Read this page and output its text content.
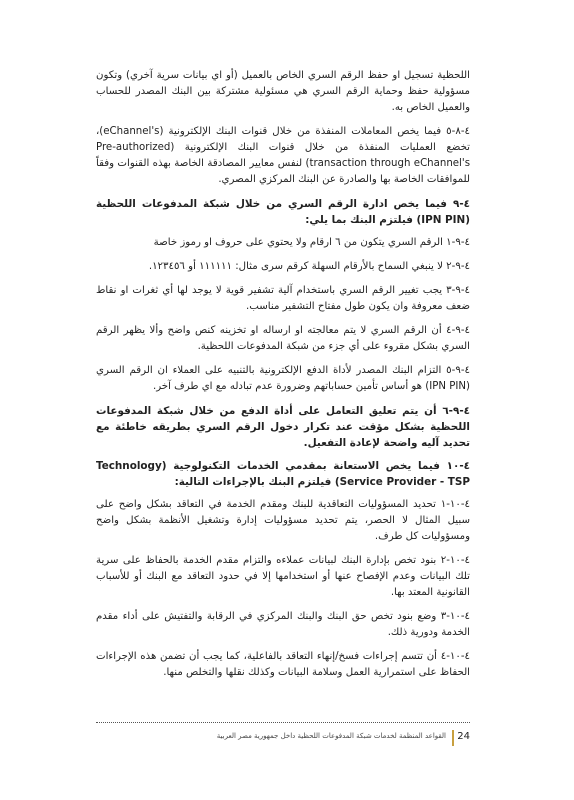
اللحظية تسجيل او حفظ الرقم السري الخاص بالعميل (أو اي بيانات سرية آخري) وتكون مسؤولية حفظ وحماية الرقم السري هي مسئولية مشتركة بين البنك المصدر للحساب والعميل الخاص به.

٤-٨-٥ فيما يخص المعاملات المنفذة من خلال قنوات البنك الإلكترونية (eChannel's)، تخضع العمليات المنفذة من خلال قنوات البنك الإلكترونية (Pre-authorized transaction through eChannel's) لنفس معايير المصادقة الخاصة بهذه القنوات وفقاً للموافقات الخاصة بها والصادرة عن البنك المركزي المصري.

٤-٩ فيما يخص ادارة الرقم السري من خلال شبكة المدفوعات اللحظية (IPN PIN) فيلتزم البنك بما يلي:

٤-٩-١ الرقم السري يتكون من ٦ ارقام ولا يحتوي على حروف او رموز خاصة

٤-٩-٢ لا ينبغي السماح بالأرقام السهلة كرقم سرى مثال: ١١١١١١ أو ١٢٣٤٥٦.

٤-٩-٣ يجب تغيير الرقم السري باستخدام آلية تشفير قوية لا يوجد لها أي ثغرات او نقاط ضعف معروفة وان يكون طول مفتاح التشفير مناسب.

٤-٩-٤ أن الرقم السري لا يتم معالجته او ارساله او تخزينه كنص واضح وألا يظهر الرقم السري بشكل مقروء على أي جزء من شبكة المدفوعات اللحظية.

٤-٩-٥ التزام البنك المصدر لأداة الدفع الإلكترونية بالتنبيه على العملاء ان الرقم السري (IPN PIN) هو أساس تأمين حساباتهم وضرورة عدم تبادله مع اي طرف آخر.

٤-٩-٦ أن يتم تعليق التعامل على أداة الدفع من خلال شبكة المدفوعات اللحظية بشكل مؤقت عند تكرار دخول الرقم السري بطريقه خاطئة مع تحديد آليه واضحة لإعادة التفعيل.

٤-١٠ فيما يخص الاستعانة بمقدمي الخدمات التكنولوجية (Technology Service Provider - TSP) فيلتزم البنك بالإجراءات التالية:

٤-١٠-١ تحديد المسؤوليات التعاقدية للبنك ومقدم الخدمة في التعاقد بشكل واضح على سبيل المثال لا الحصر، يتم تحديد مسؤوليات إدارة وتشغيل الأنظمة بشكل واضح ومسؤوليات كل طرف.

٤-١٠-٢ بنود تخص بإدارة البنك لبيانات عملاءه والتزام مقدم الخدمة بالحفاظ على سرية تلك البيانات وعدم الإفصاح عنها أو استخدامها إلا في حدود التعاقد مع البنك أو للأسباب القانونية المعتد بها.

٤-١٠-٣ وضع بنود تخص حق البنك والبنك المركزي في الرقابة والتفتيش على أداء مقدم الخدمة ودورية ذلك.

٤-١٠-٤ أن تتسم إجراءات فسخ/إنهاء التعاقد بالفاعلية، كما يجب أن تضمن هذه الإجراءات الحفاظ على استمرارية العمل وسلامة البيانات وكذلك نقلها والتخلص منها.

24
القواعد المنظمة لخدمات شبكة المدفوعات اللحظية داخل جمهورية مصر العربية
